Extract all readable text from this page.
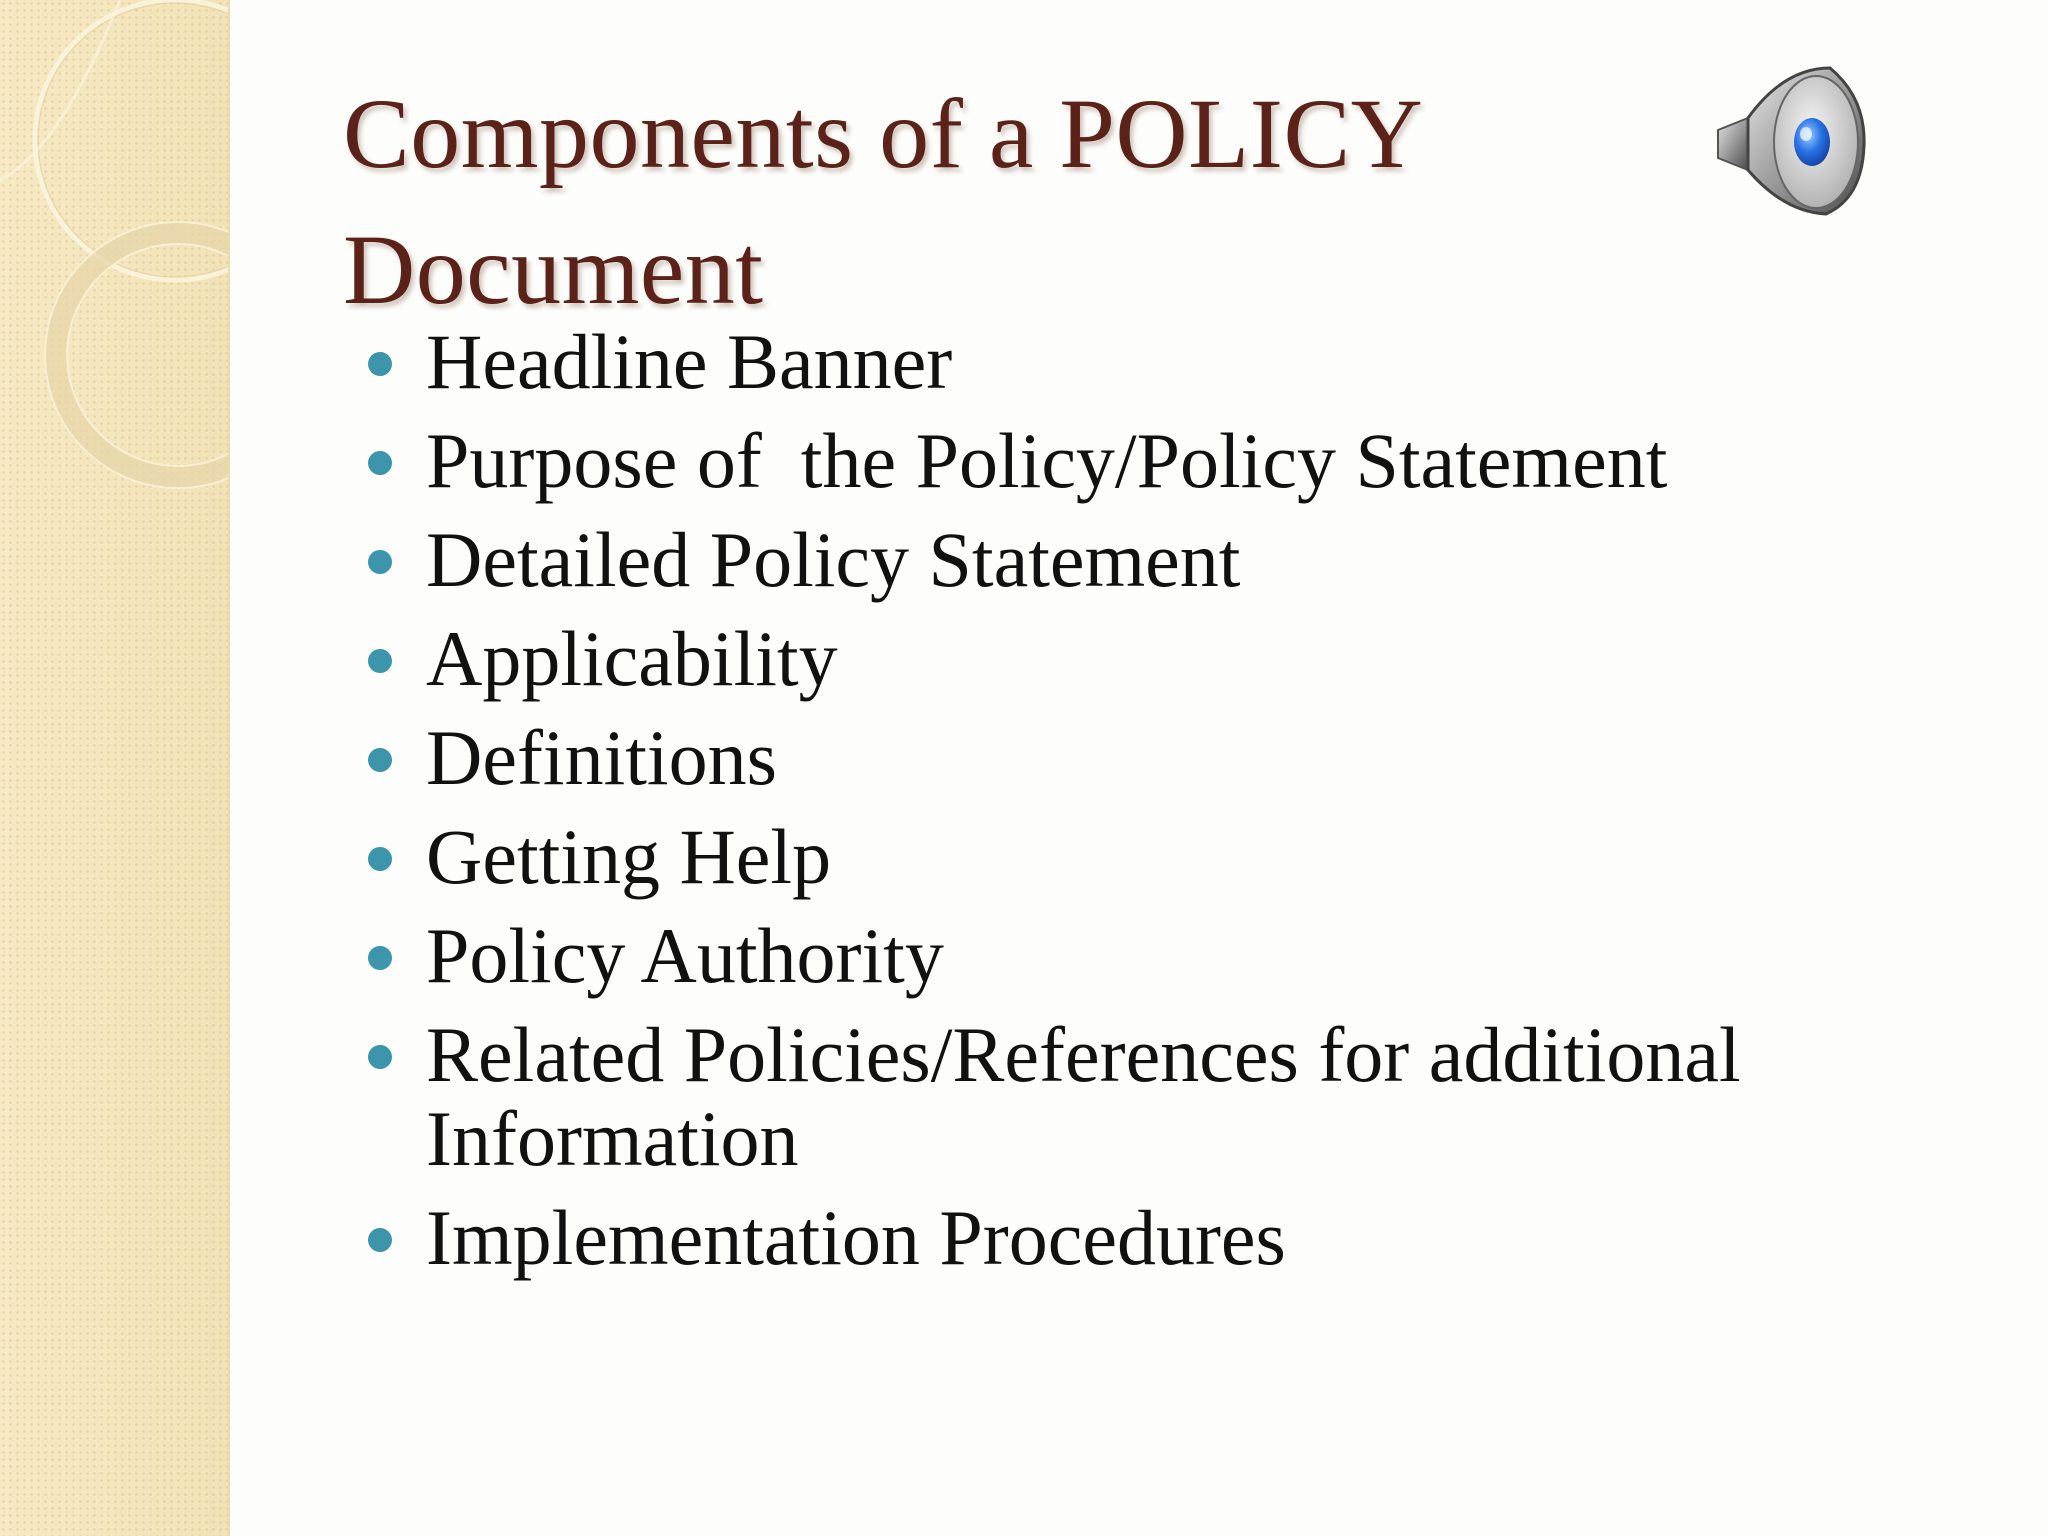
Components of a POLICY Document
Headline Banner
Purpose of  the Policy/Policy Statement
Detailed Policy Statement
Applicability
Definitions
Getting Help
Policy Authority
Related Policies/References for additional Information
Implementation Procedures
